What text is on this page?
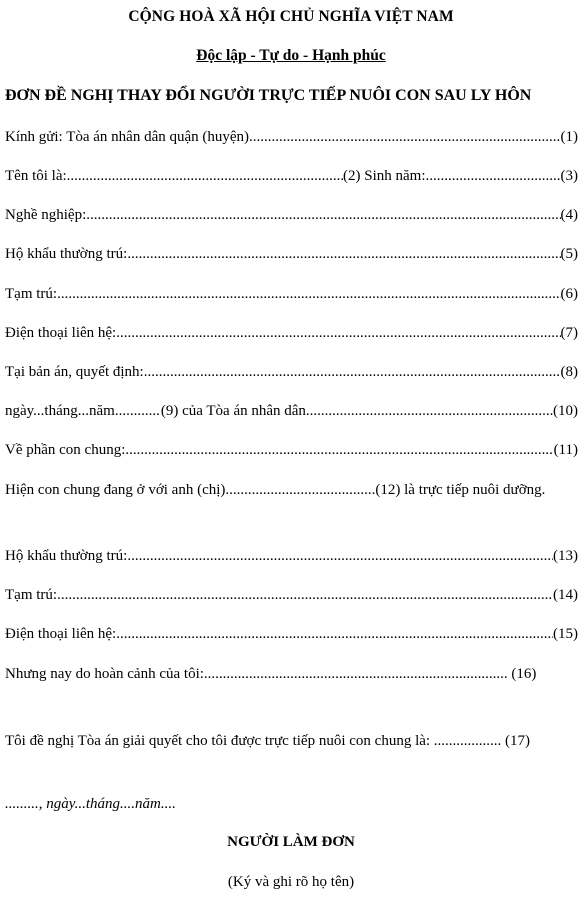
CỘNG HOÀ XÃ HỘI CHỦ NGHĨA VIỆT NAM
Độc lập - Tự do - Hạnh phúc
ĐƠN ĐỀ NGHỊ THAY ĐỔI NGƯỜI TRỰC TIẾP NUÔI CON SAU LY HÔN
Kính gửi: Tòa án nhân dân quận (huyện) .....	(1)
Tên tôi là: .....	(2) Sinh năm: .....	(3)
Nghề nghiệp: .....	(4)
Hộ khẩu thường trú: .....	(5)
Tạm trú: .....	(6)
Điện thoại liên hệ: .....	(7)
Tại bản án, quyết định: .....	(8)
ngày...tháng...năm .....	(9) của Tòa án nhân dân .....	(10)
Về phần con chung: .....	(11)
Hiện con chung đang ở với anh (chị)........................................(12) là trực tiếp nuôi dưỡng.
Hộ khẩu thường trú: .....	(13)
Tạm trú: .....	(14)
Điện thoại liên hệ: .....	(15)
Nhưng nay do hoàn cảnh của tôi:................................................................................. (16)
Tôi đề nghị Tòa án giải quyết cho tôi được trực tiếp nuôi con chung là: .................. (17)
........., ngày...tháng....năm....
NGƯỜI LÀM ĐƠN
(Ký và ghi rõ họ tên)
